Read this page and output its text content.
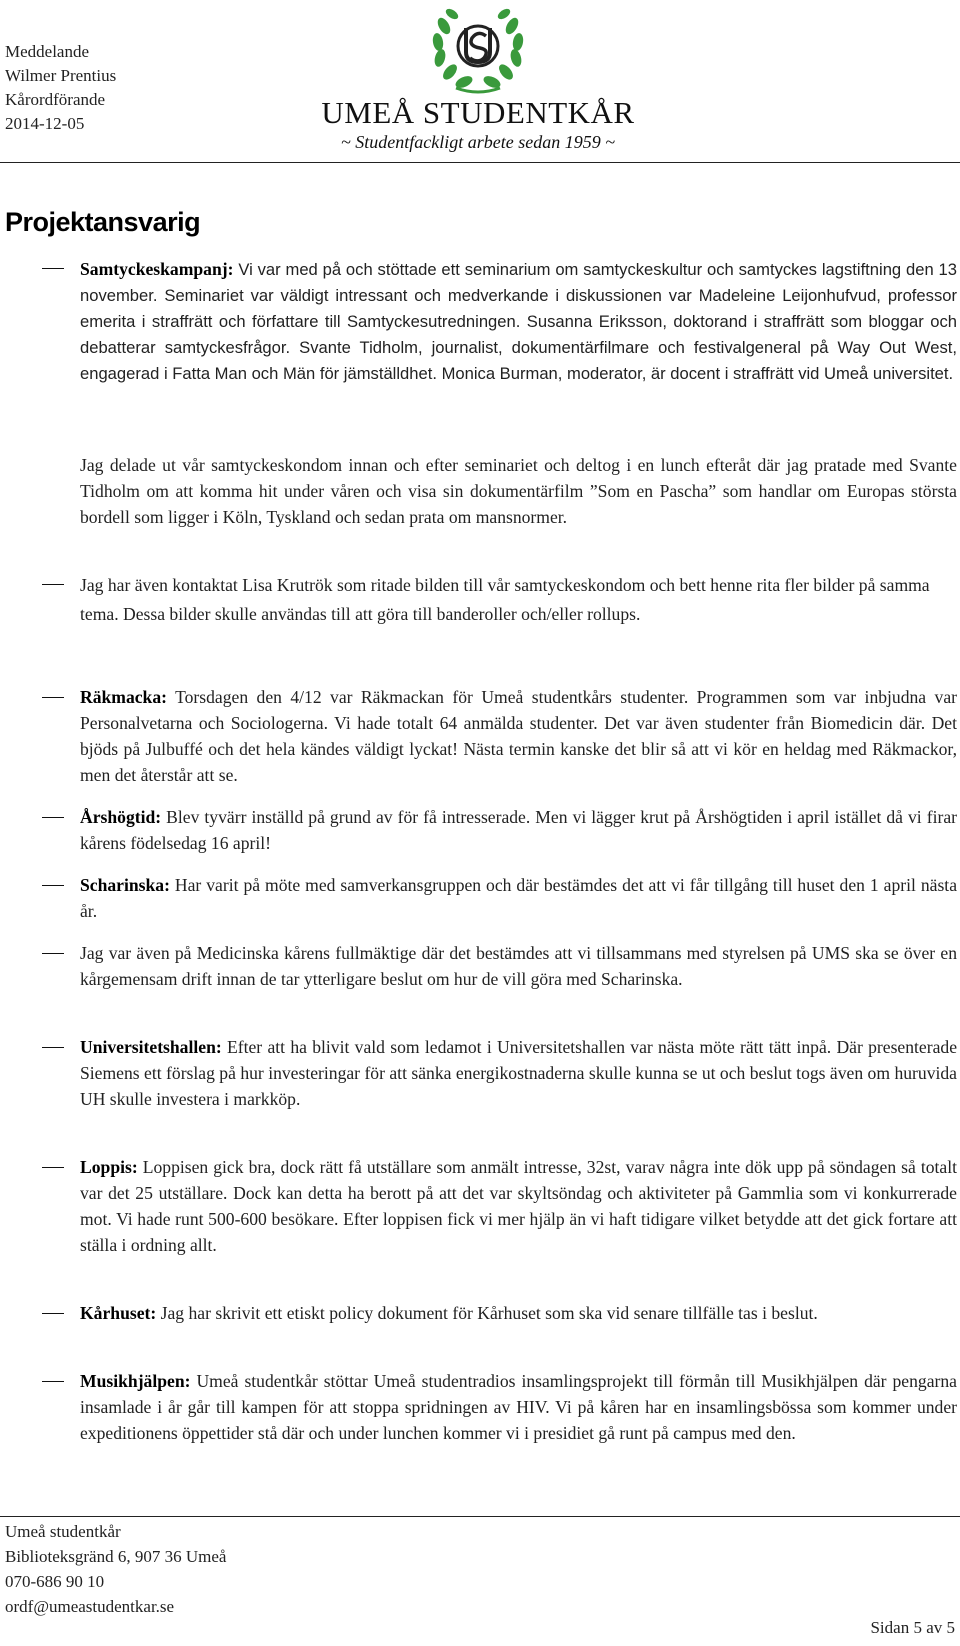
Meddelande
Wilmer Prentius
Kårordförande
2014-12-05	UMEÅ STUDENTKÅR
~ Studentfackligt arbete sedan 1959 ~
Projektansvarig
Samtyckeskampanj: Vi var med på och stöttade ett seminarium om samtyckeskultur och samtyckes lagstiftning den 13 november. Seminariet var väldigt intressant och medverkande i diskussionen var Madeleine Leijonhufvud, professor emerita i straffrätt och författare till Samtyckesutredningen. Susanna Eriksson, doktorand i straffrätt som bloggar och debatterar samtyckesfrågor. Svante Tidholm, journalist, dokumentärfilmare och festivalgeneral på Way Out West, engagerad i Fatta Man och Män för jämställdhet. Monica Burman, moderator, är docent i straffrätt vid Umeå universitet.
Jag delade ut vår samtyckeskondom innan och efter seminariet och deltog i en lunch efteråt där jag pratade med Svante Tidholm om att komma hit under våren och visa sin dokumentärfilm ”Som en Pascha” som handlar om Europas största bordell som ligger i Köln, Tyskland och sedan prata om mansnormer.
Jag har även kontaktat Lisa Krutrök som ritade bilden till vår samtyckeskondom och bett henne rita fler bilder på samma tema. Dessa bilder skulle användas till att göra till banderoller och/eller rollups.
Räkmacka: Torsdagen den 4/12 var Räkmackan för Umeå studentkårs studenter. Programmen som var inbjudna var Personalvetarna och Sociologerna. Vi hade totalt 64 anmälda studenter. Det var även studenter från Biomedicin där. Det bjöds på Julbuffé och det hela kändes väldigt lyckat! Nästa termin kanske det blir så att vi kör en heldag med Räkmackor, men det återstår att se.
Årshögtid: Blev tyvärr inställd på grund av för få intresserade. Men vi lägger krut på Årshögtiden i april istället då vi firar kårens födelsedag 16 april!
Scharinska: Har varit på möte med samverkansgruppen och där bestämdes det att vi får tillgång till huset den 1 april nästa år.
Jag var även på Medicinska kårens fullmäktige där det bestämdes att vi tillsammans med styrelsen på UMS ska se över en kårgemensam drift innan de tar ytterligare beslut om hur de vill göra med Scharinska.
Universitetshallen: Efter att ha blivit vald som ledamot i Universitetshallen var nästa möte rätt tätt inpå. Där presenterade Siemens ett förslag på hur investeringar för att sänka energikostnaderna skulle kunna se ut och beslut togs även om huruvida UH skulle investera i markköp.
Loppis: Loppisen gick bra, dock rätt få utställare som anmält intresse, 32st, varav några inte dök upp på söndagen så totalt var det 25 utställare. Dock kan detta ha berott på att det var skyltsöndag och aktiviteter på Gammlia som vi konkurrerade mot. Vi hade runt 500-600 besökare. Efter loppisen fick vi mer hjälp än vi haft tidigare vilket betydde att det gick fortare att ställa i ordning allt.
Kårhuset: Jag har skrivit ett etiskt policy dokument för Kårhuset som ska vid senare tillfälle tas i beslut.
Musikhjälpen: Umeå studentkår stöttar Umeå studentradios insamlingsprojekt till förmån till Musikhjälpen där pengarna insamlade i år går till kampen för att stoppa spridningen av HIV. Vi på kåren har en insamlingsbössa som kommer under expeditionens öppettider stå där och under lunchen kommer vi i presidiet gå runt på campus med den.
Umeå studentkår
Biblioteksgränd 6, 907 36 Umeå
070-686 90 10
ordf@umeastudentkar.se
Sidan 5 av 5
